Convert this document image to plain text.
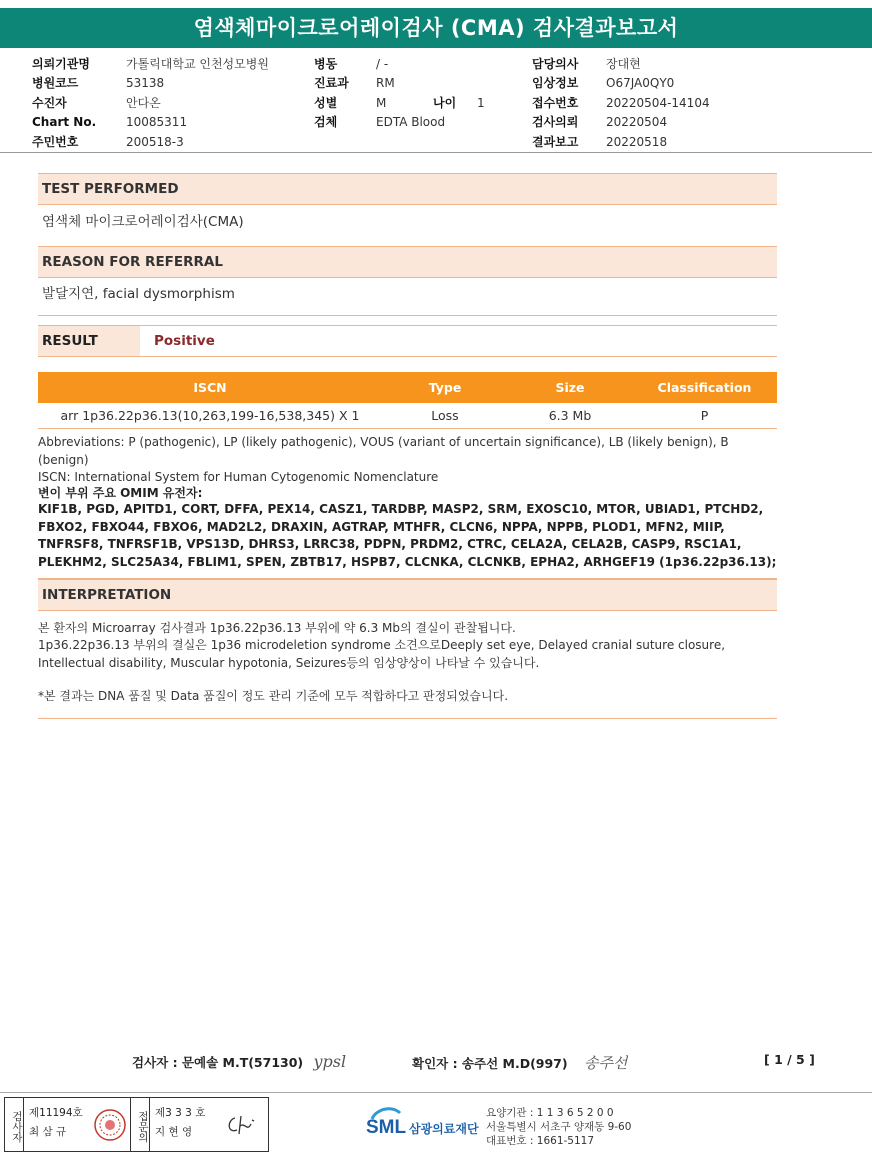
염색체마이크로어레이검사 (CMA) 검사결과보고서
의뢰기관명	가톨릭대학교 인천성모병원
병원코드	53138
수진자	안다온
Chart No.	10085311
주민번호	200518-3
병동	/ -
진료과	RM
성별	M	나이	1
검체	EDTA Blood
담당의사	장대현
임상정보	O67JA0QY0
접수번호	20220504-14104
검사의뢰	20220504
결과보고	20220518
TEST PERFORMED
염색체 마이크로어레이검사(CMA)
REASON FOR REFERRAL
발달지연, facial dysmorphism
RESULT	Positive
ISCN	Type	Size	Classification
arr 1p36.22p36.13(10,263,199-16,538,345) X 1	Loss	6.3 Mb	P
Abbreviations: P (pathogenic), LP (likely pathogenic), VOUS (variant of uncertain significance), LB (likely benign), B (benign)
ISCN: International System for Human Cytogenomic Nomenclature
변이 부위 주요 OMIM 유전자:
KIF1B, PGD, APITD1, CORT, DFFA, PEX14, CASZ1, TARDBP, MASP2, SRM, EXOSC10, MTOR, UBIAD1, PTCHD2, FBXO2, FBXO44, FBXO6, MAD2L2, DRAXIN, AGTRAP, MTHFR, CLCN6, NPPA, NPPB, PLOD1, MFN2, MIIP, TNFRSF8, TNFRSF1B, VPS13D, DHRS3, LRRC38, PDPN, PRDM2, CTRC, CELA2A, CELA2B, CASP9, RSC1A1, PLEKHM2, SLC25A34, FBLIM1, SPEN, ZBTB17, HSPB7, CLCNKA, CLCNKB, EPHA2, ARHGEF19 (1p36.22p36.13);
INTERPRETATION
본 환자의 Microarray 검사결과 1p36.22p36.13 부위에 약 6.3 Mb의 결실이 관찰됩니다.
1p36.22p36.13 부위의 결실은 1p36 microdeletion syndrome 소견으로Deeply set eye, Delayed cranial suture closure, Intellectual disability, Muscular hypotonia, Seizures등의 임상양상이 나타날 수 있습니다.
*본 결과는 DNA 품질 및 Data 품질이 정도 관리 기준에 모두 적합하다고 판정되었습니다.
검사자 : 문예솔 M.T(57130) ypsl	확인자 : 송주선 M.D(997) 송주선	[ 1 / 5 ]
검사자 제11194호
최 삼 규	접문의 제3 3 3 호
지 현 영	SML 삼광의료재단
요양기관 : 1 1 3 6 5 2 0 0
서울특별시 서초구 양재동 9-60
대표번호 : 1661-5117
